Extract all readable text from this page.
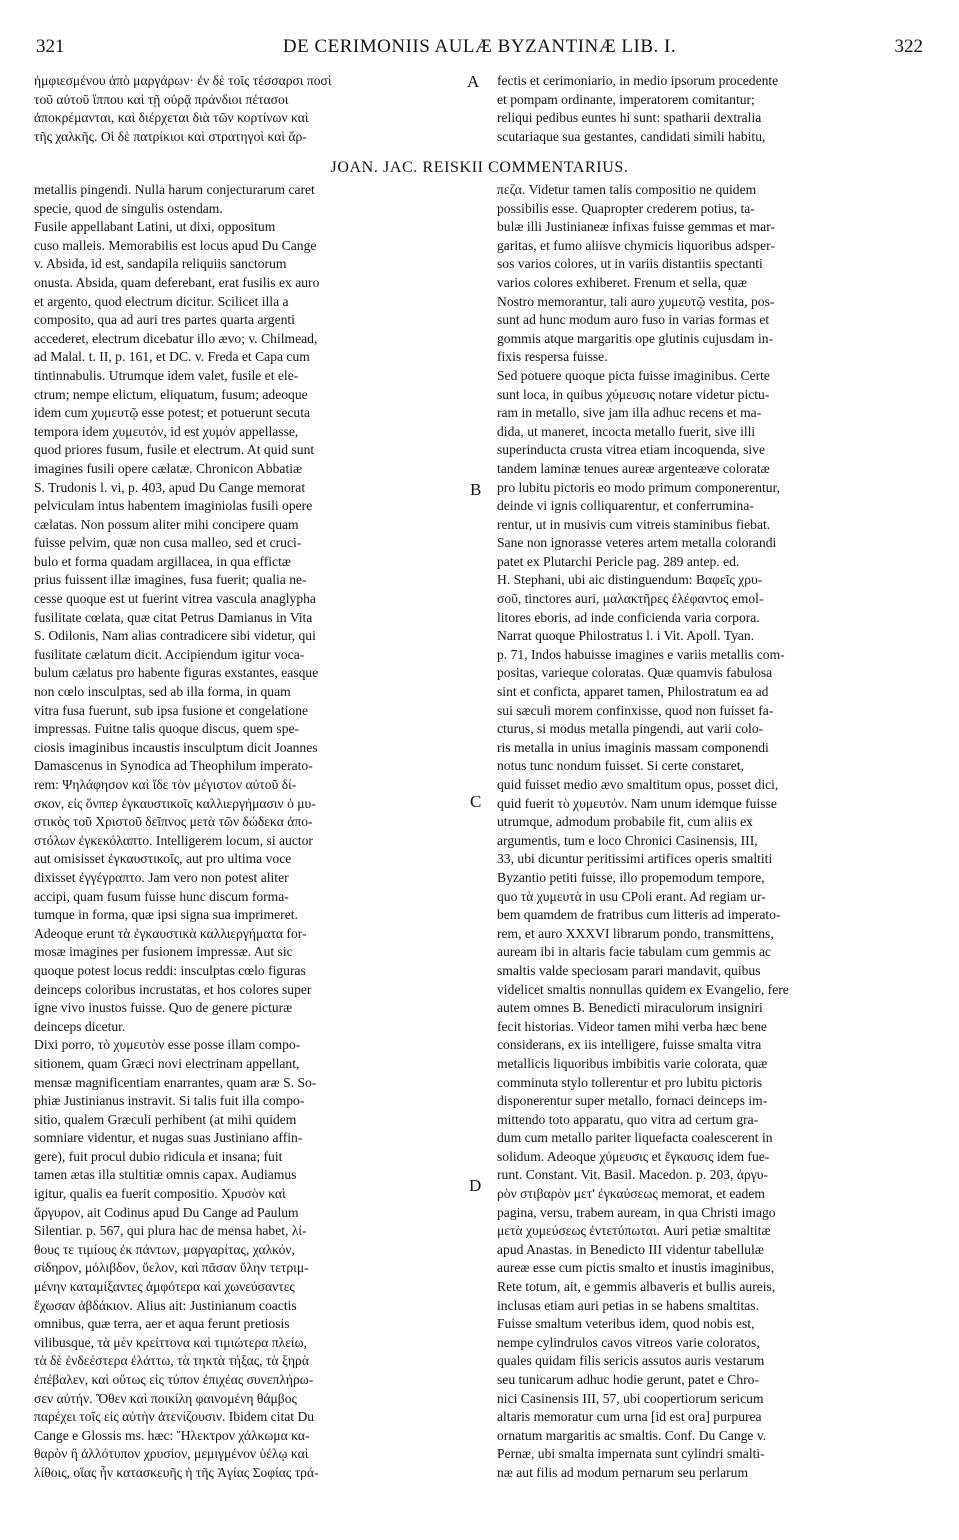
321	DE CERIMONIIS AULÆ BYZANTINÆ LIB. I.	322
ἠμφιεσμένου ἀπὸ μαργάρων· ἐν δὲ τοῖς τέσσαρσι ποσὶ
τοῦ αὐτοῦ ἵππου καὶ τῇ οὐρᾷ πράνδιοι πέτασοι
ἀποκρέμανται, καὶ διέρχεται διὰ τῶν κορτίνων καὶ
τῆς χαλκῆς. Οἱ δὲ πατρίκιοι καὶ στρατηγοὶ καὶ ἄρ-
fectis et cerimoniario, in medio ipsorum procedente
et pompam ordinante, imperatorem comitantur;
reliqui pedibus euntes hi sunt: spatharii dextralia
scutariaque sua gestantes, candidati simili habitu,
JOAN. JAC. REISKII COMMENTARIUS.
metallis pingendi. Nulla harum conjecturarum caret
specie, quod de singulis ostendam.
Fusile appellabant Latini, ut dixi, oppositum
cuso malleis. Memorabilis est locus apud Du Cange
v. Absida, id est, sandapila reliquiis sanctorum
onusta. Absida, quam deferebant, erat fusilis ex auro
et argento, quod electrum dicitur. Scilicet illa a
composito, qua ad auri tres partes quarta argenti
accederet, electrum dicebatur illo ævo; v. Chilmead,
ad Malal. t. II, p. 161, et DC. v. Freda et Capa cum
tintinnabulis. Utrumque idem valet, fusile et ele-
ctrum; nempe elictum, eliquatum, fusum; adeoque
idem cum χυμευτῷ esse potest; et potuerunt secuta
tempora idem χυμευτόν, id est χυμόν appellasse,
quod priores fusum, fusile et electrum. At quid sunt
imagines fusili opere cælatæ. Chronicon Abbatiæ
S. Trudonis l. vi, p. 403, apud Du Cange memorat
pelviculam intus habentem imaginiolas fusili opere
cælatas. Non possum aliter mihi concipere quam
fuisse pelvim, quæ non cusa malleo, sed et cruci-
bulo et forma quadam argillacea, in qua effictæ
prius fuissent illæ imagines, fusa fuerit; qualia ne-
cesse quoque est ut fuerint vitrea vascula anaglypha
fusilitate cœlata, quæ citat Petrus Damianus in Vita
S. Odilonis, Nam alias contradicere sibi videtur, qui
fusilitate cælatum dicit. Accipiendum igitur voca-
bulum cælatus pro habente figuras exstantes, easque
non cœlo insculptas, sed ab illa forma, in quam
vitra fusa fuerunt, sub ipsa fusione et congelatione
impressas. Fuitne talis quoque discus, quem spe-
ciosis imaginibus incaustis insculptum dicit Joannes
Damascenus in Synodica ad Theophilum imperato-
rem: Ψηλάφησον καὶ ἴδε τὸν μέγιστον αὐτοῦ δί-
σκον, εἰς ὅνπερ ἐγκαυστικοῖς καλλιεργήμασιν ὁ μυ-
στικὸς τοῦ Χριστοῦ δεῖπνος μετὰ τῶν δώδεκα ἀπο-
στόλων ἐγκεκόλαπτο. Intelligerem locum, si auctor
aut omisisset ἐγκαυστικοῖς, aut pro ultima voce
dixisset ἐγγέγραπτο. Jam vero non potest aliter
accipi, quam fusum fuisse hunc discum forma-
tumque in forma, quæ ipsi signa sua imprimeret.
Adeoque erunt τὰ ἐγκαυστικὰ καλλιεργήματα for-
mosæ imagines per fusionem impressæ. Aut sic
quoque potest locus reddi: insculptas cœlo figuras
deinceps coloribus incrustatas, et hos colores super
igne vivo inustos fuisse. Quo de genere picturæ
deinceps dicetur.
Dixi porro, τὸ χυμευτὸν esse posse illam compo-
sitionem, quam Græci novi electrinam appellant,
mensæ magnificentiam enarrantes, quam aræ S. So-
phiæ Justinianus instravit. Si talis fuit illa compo-
sitio, qualem Græculi perhibent (at mihi quidem
somniare videntur, et nugas suas Justiniano affin-
gere), fuit procul dubio ridicula et insana; fuit
tamen ætas illa stultitiæ omnis capax. Audiamus
igitur, qualis ea fuerit compositio. Χρυσὸν καὶ
ἄργυρον, ait Codinus apud Du Cange ad Paulum
Silentiar. p. 567, qui plura hac de mensa habet, λί-
θους τε τιμίους ἐκ πάντων, μαργαρίτας, χαλκόν,
σίδηρον, μόλιβδον, ὕελον, καὶ πᾶσαν ὕλην τετριμ-
μένην καταμίξαντες ἀμφότερα καὶ χωνεύσαντες
ἔχωσαν ἀβδάκιον. Alius ait: Justinianum coactis
omnibus, quæ terra, aer et aqua ferunt pretiosis
vilibusque, τὰ μὲν κρείττονα καὶ τιμιώτερα πλείω,
τὰ δὲ ἐνδεέστερα ἐλάττω, τὰ τηκτὰ τήξας, τὰ ξηρὰ
ἐπέβαλεν, καὶ οὕτως εἰς τύπον ἐπιχέας συνεπλήρω-
σεν αὐτήν. Ὅθεν καὶ ποικίλη φαινομένη θάμβος
παρέχει τοῖς εἰς αὐτὴν ἀτενίζουσιν. Ibidem citat Du
Cange e Glossis ms. hæc: Ἤλεκτρον χάλκωμα κα-
θαρὸν ἢ ἀλλότυπον χρυσίον, μεμιγμένον ὑέλῳ καὶ
λίθοις, οἵας ἦν κατασκευῆς ἡ τῆς Ἁγίας Σοφίας τρά-
πεζα. Videtur tamen talis compositio ne quidem
possibilis esse. Quapropter crederem potius, ta-
bulæ illi Justinianeæ infixas fuisse gemmas et mar-
garitas, et fumo aliisve chymicis liquoribus adsper-
sos varios colores, ut in variis distantiis spectanti
varios colores exhiberet. Frenum et sella, quæ
Nostro memorantur, tali auro χυμευτῷ vestita, pos-
sunt ad hunc modum auro fuso in varias formas et
gommis atque margaritis ope glutinis cujusdam in-
fixis respersa fuisse.
Sed potuere quoque picta fuisse imaginibus. Certe
sunt loca, in quibus χύμευσις notare videtur pictu-
ram in metallo, sive jam illa adhuc recens et ma-
dida, ut maneret, incocta metallo fuerit, sive illi
superinducta crusta vitrea etiam incoquenda, sive
tandem laminæ tenues aureæ argenteæve coloratæ
pro lubitu pictoris eo modo primum componerentur,
deinde vi ignis colliquarentur, et conferrumina-
rentur, ut in musivis cum vitreis staminibus fiebat.
Sane non ignorasse veteres artem metalla colorandi
patet ex Plutarchi Pericle pag. 289 antep. ed.
H. Stephani, ubi aic distinguendum: Βαφεῖς χρυ-
σοῦ, tinctores auri, μαλακτῆρες ἐλέφαντος emol-
litores eboris, ad inde conficienda varia corpora.
Narrat quoque Philostratus l. i Vit. Apoll. Tyan.
p. 71, Indos habuisse imagines e variis metallis com-
positas, varieque coloratas. Quæ quamvis fabulosa
sint et conficta, apparet tamen, Philostratum ea ad
sui sæculi morem confinxisse, quod non fuisset fa-
cturus, si modus metalla pingendi, aut varii colo-
ris metalla in unius imaginis massam componendi
notus tunc nondum fuisset. Si certe constaret,
quid fuisset medio ævo smaltitum opus, posset dici,
quid fuerit τὸ χυμευτόν. Nam unum idemque fuisse
utrumque, admodum probabile fit, cum aliis ex
argumentis, tum e loco Chronici Casinensis, III,
33, ubi dicuntur peritissimi artifices operis smaltiti
Byzantio petiti fuisse, illo propemodum tempore,
quo τὰ χυμευτὰ in usu CPoli erant. Ad regiam ur-
bem quamdem de fratribus cum litteris ad imperato-
rem, et auro XXXVI librarum pondo, transmittens,
auream ibi in altaris facie tabulam cum gemmis ac
smaltis valde speciosam parari mandavit, quibus
videlicet smaltis nonnullas quidem ex Evangelio, fere
autem omnes B. Benedicti miraculorum insigniri
fecit historias. Videor tamen mihi verba hæc bene
considerans, ex iis intelligere, fuisse smalta vitra
metallicis liquoribus imbibitis varie colorata, quæ
comminuta stylo tollerentur et pro lubitu pictoris
disponerentur super metallo, fornaci deinceps im-
mittendo toto apparatu, quo vitra ad certum gra-
dum cum metallo pariter liquefacta coalescerent in
solidum. Adeoque χύμευσις et ἔγκαυσις idem fue-
runt. Constant. Vit. Basil. Macedon. p. 203, ἀργυ-
ρὸν στιβαρὸν μετ' ἐγκαύσεως memorat, et eadem
pagina, versu, trabem auream, in qua Christi imago
μετὰ χυμεύσεως ἐντετύπωται. Auri petiæ smaltitæ
apud Anastas. in Benedicto III videntur tabellulæ
aureæ esse cum pictis smalto et inustis imaginibus,
Rete totum, ait, e gemmis albaveris et bullis aureis,
inclusas etiam auri petias in se habens smaltitas.
Fuisse smaltum veteribus idem, quod nobis est,
nempe cylindrulos cavos vitreos varie coloratos,
quales quidam filis sericis assutos auris vestarum
seu tunicarum adhuc hodie gerunt, patet e Chro-
nici Casinensis III, 57, ubi coopertiorum sericum
altaris memoratur cum urna [id est ora] purpurea
ornatum margaritis ac smaltis. Conf. Du Cange v.
Pernæ, ubi smalta impernata sunt cylindri smalti-
næ aut filis ad modum pernarum seu perlarum
A
B
C
D
